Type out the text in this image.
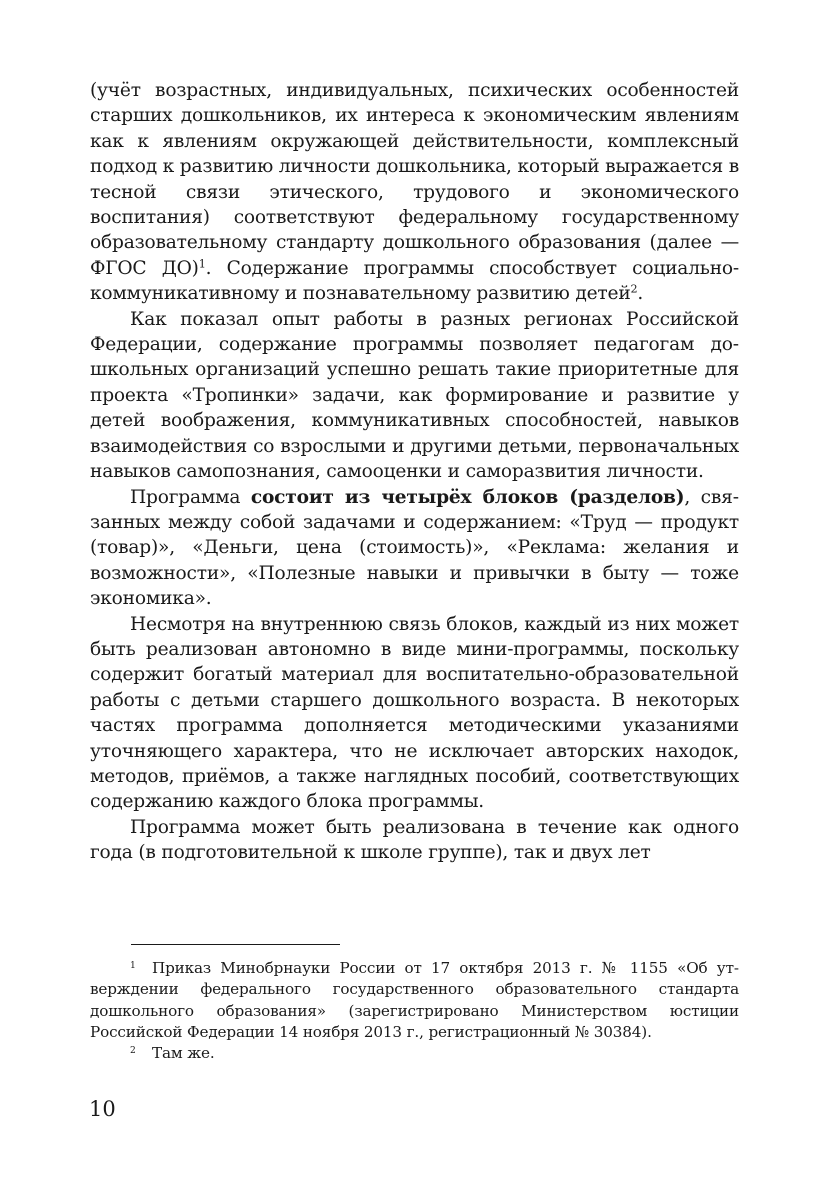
(учёт возрастных, индивидуальных, психических особенностей старших дошкольников, их интереса к экономическим явлениям как к явлениям окружающей действительности, комплексный подход к развитию личности дошкольника, который выражается в тесной связи этического, трудового и экономического воспитания) соответствуют федеральному государственному образовательному стандарту дошкольного образования (далее — ФГОС ДО)$^1$. Содержание программы способствует социально-коммуникативному и познавательному развитию детей$^2$.

Как показал опыт работы в разных регионах Российской Федерации, содержание программы позволяет педагогам дошкольных организаций успешно решать такие приоритетные для проекта «Тропинки» задачи, как формирование и развитие у детей воображения, коммуникативных способностей, навыков взаимодействия со взрослыми и другими детьми, первоначальных навыков самопознания, самооценки и саморазвития личности.

Программа состоит из четырёх блоков (разделов), связанных между собой задачами и содержанием: «Труд — продукт (товар)», «Деньги, цена (стоимость)», «Реклама: желания и возможности», «Полезные навыки и привычки в быту — тоже экономика».

Несмотря на внутреннюю связь блоков, каждый из них может быть реализован автономно в виде мини-программы, поскольку содержит богатый материал для воспитательно-образовательной работы с детьми старшего дошкольного возраста. В некоторых частях программа дополняется методическими указаниями уточняющего характера, что не исключает авторских находок, методов, приёмов, а также наглядных пособий, соответствующих содержанию каждого блока программы.

Программа может быть реализована в течение как одного года (в подготовительной к школе группе), так и двух лет

$^1$ Приказ Минобрнауки России от 17 октября 2013 г. № 1155 «Об утверждении федерального государственного образовательного стандарта дошкольного образования» (зарегистрировано Министерством юстиции Российской Федерации 14 ноября 2013 г., регистрационный № 30384).

$^2$ Там же.

10
